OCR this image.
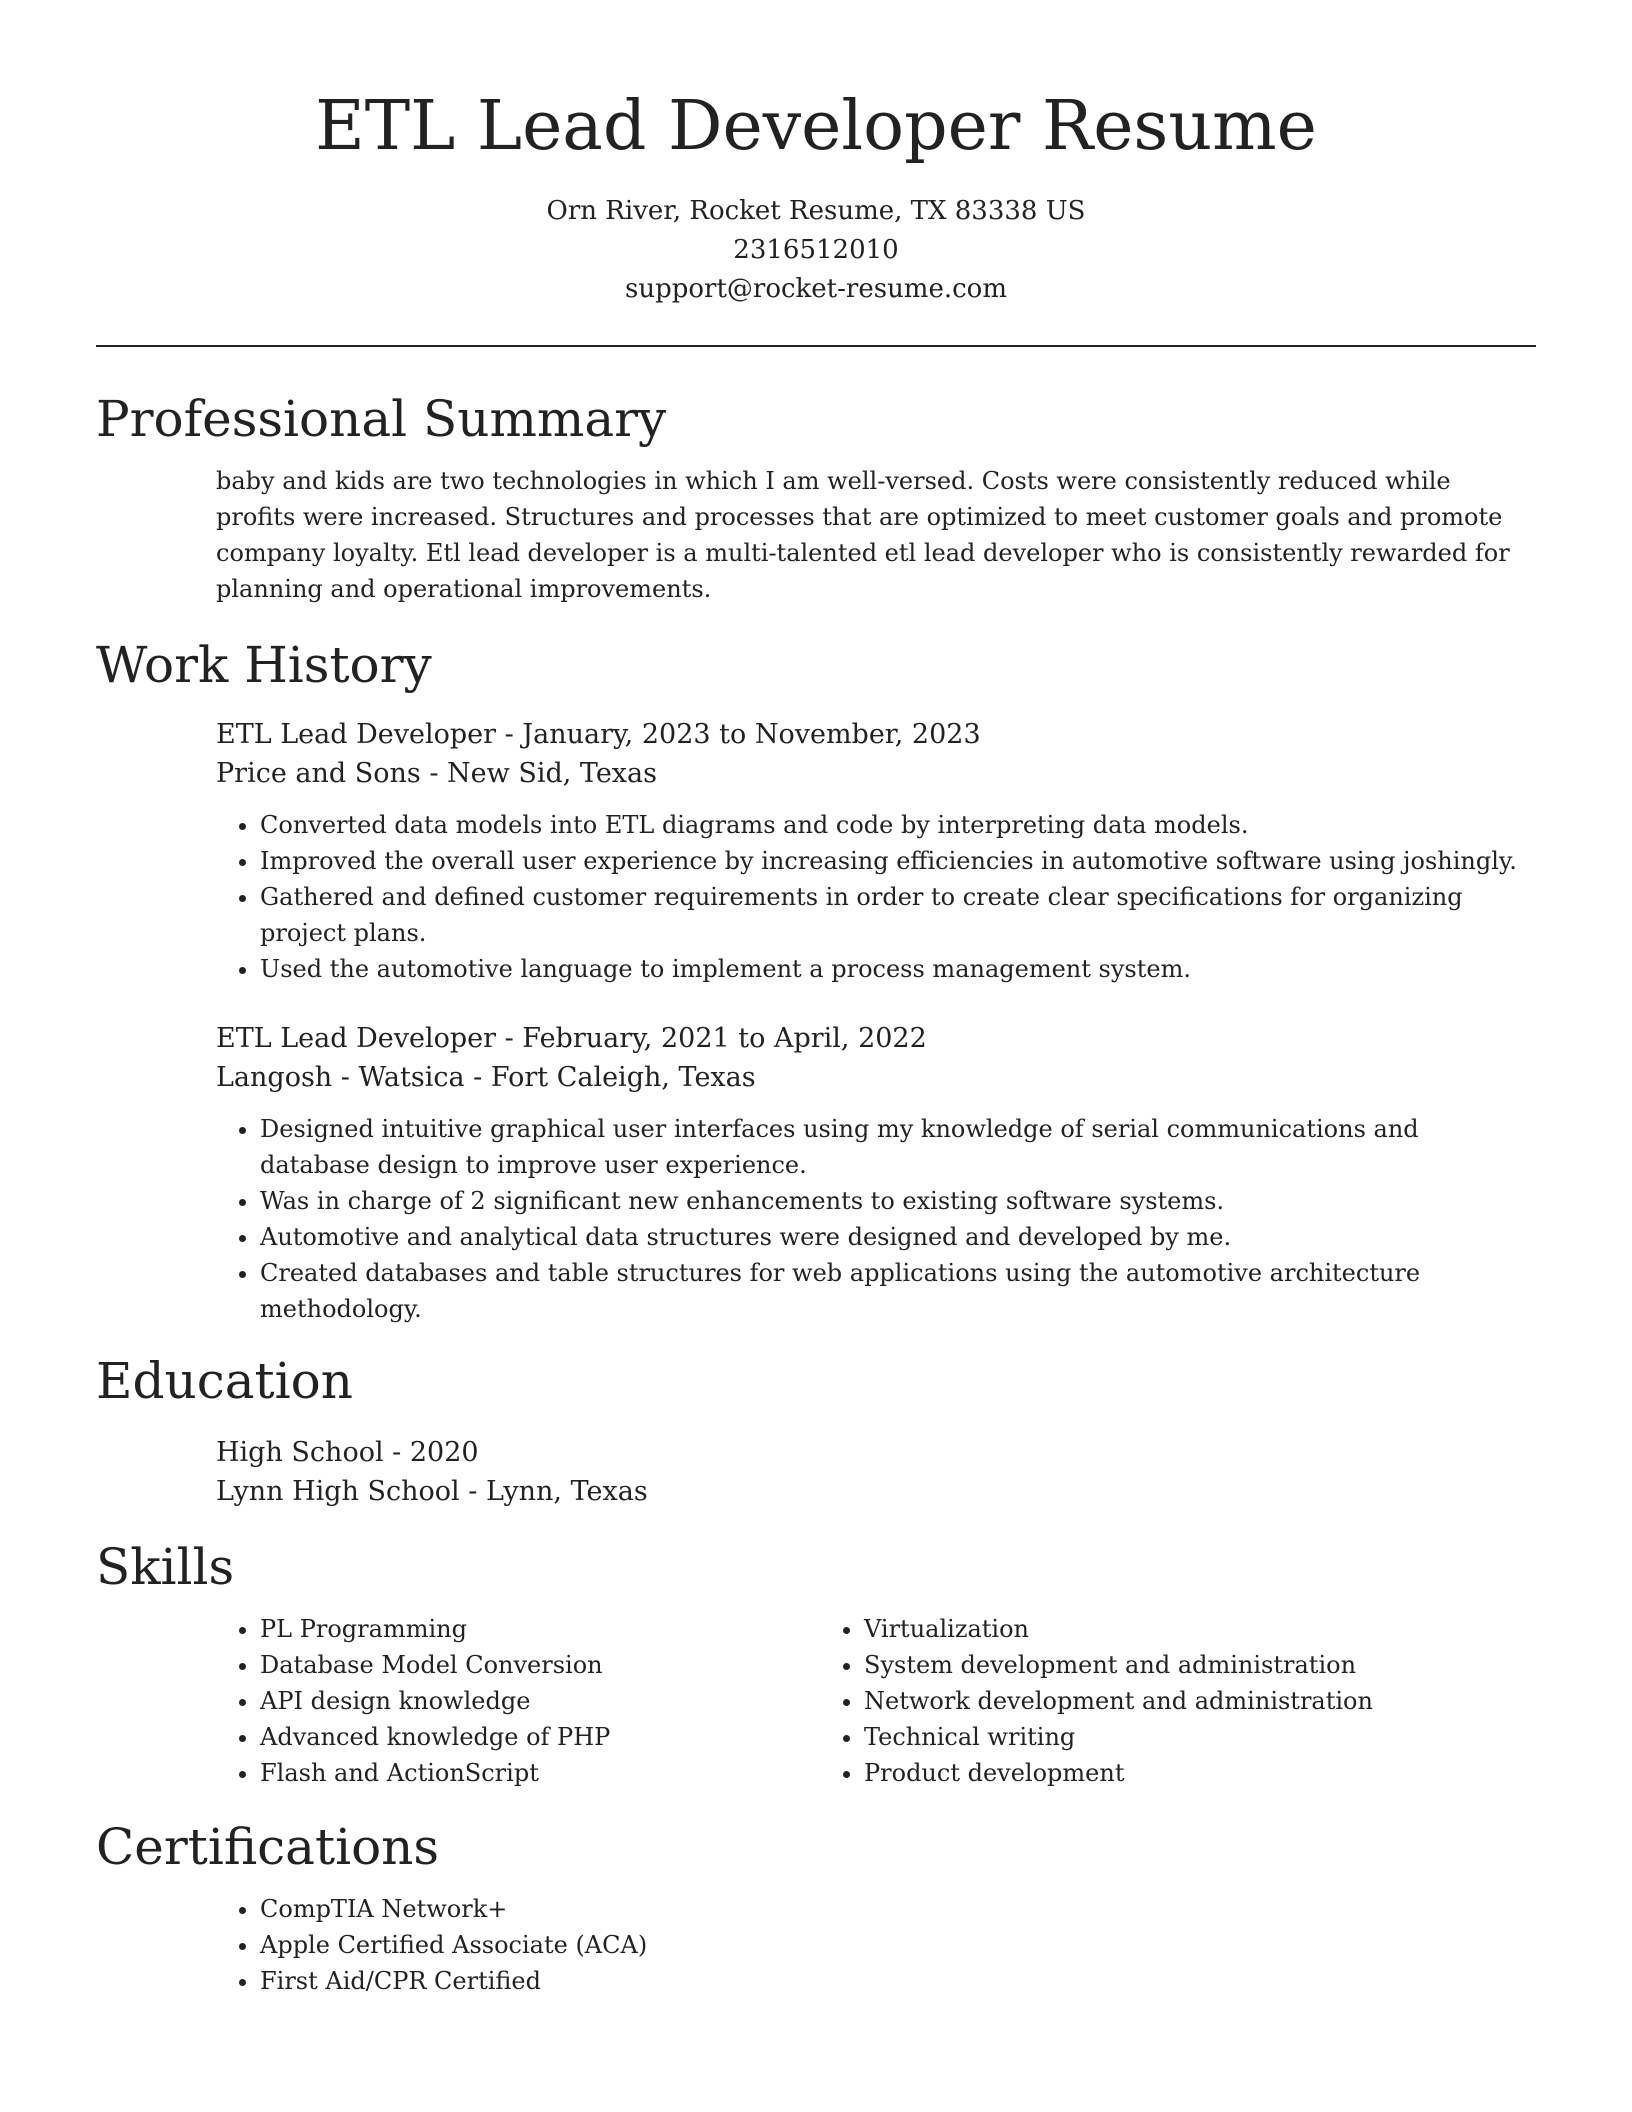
ETL Lead Developer Resume
Orn River, Rocket Resume, TX 83338 US
2316512010
support@rocket-resume.com
Professional Summary

baby and kids are two technologies in which I am well-versed. Costs were consistently reduced while profits were increased. Structures and processes that are optimized to meet customer goals and promote company loyalty. Etl lead developer is a multi-talented etl lead developer who is consistently rewarded for planning and operational improvements.

Work History
ETL Lead Developer - January, 2023 to November, 2023
Price and Sons - New Sid, Texas
• Converted data models into ETL diagrams and code by interpreting data models.
• Improved the overall user experience by increasing efficiencies in automotive software using joshingly.
• Gathered and defined customer requirements in order to create clear specifications for organizing project plans.
• Used the automotive language to implement a process management system.
ETL Lead Developer - February, 2021 to April, 2022
Langosh - Watsica - Fort Caleigh, Texas
• Designed intuitive graphical user interfaces using my knowledge of serial communications and database design to improve user experience.
• Was in charge of 2 significant new enhancements to existing software systems.
• Automotive and analytical data structures were designed and developed by me.
• Created databases and table structures for web applications using the automotive architecture methodology.
Education
High School - 2020
Lynn High School - Lynn, Texas
Skills
• PL Programming
• Database Model Conversion
• API design knowledge
• Advanced knowledge of PHP
• Flash and ActionScript
• Virtualization
• System development and administration
• Network development and administration
• Technical writing
• Product development
Certifications
• CompTIA Network+
• Apple Certified Associate (ACA)
• First Aid/CPR Certified
